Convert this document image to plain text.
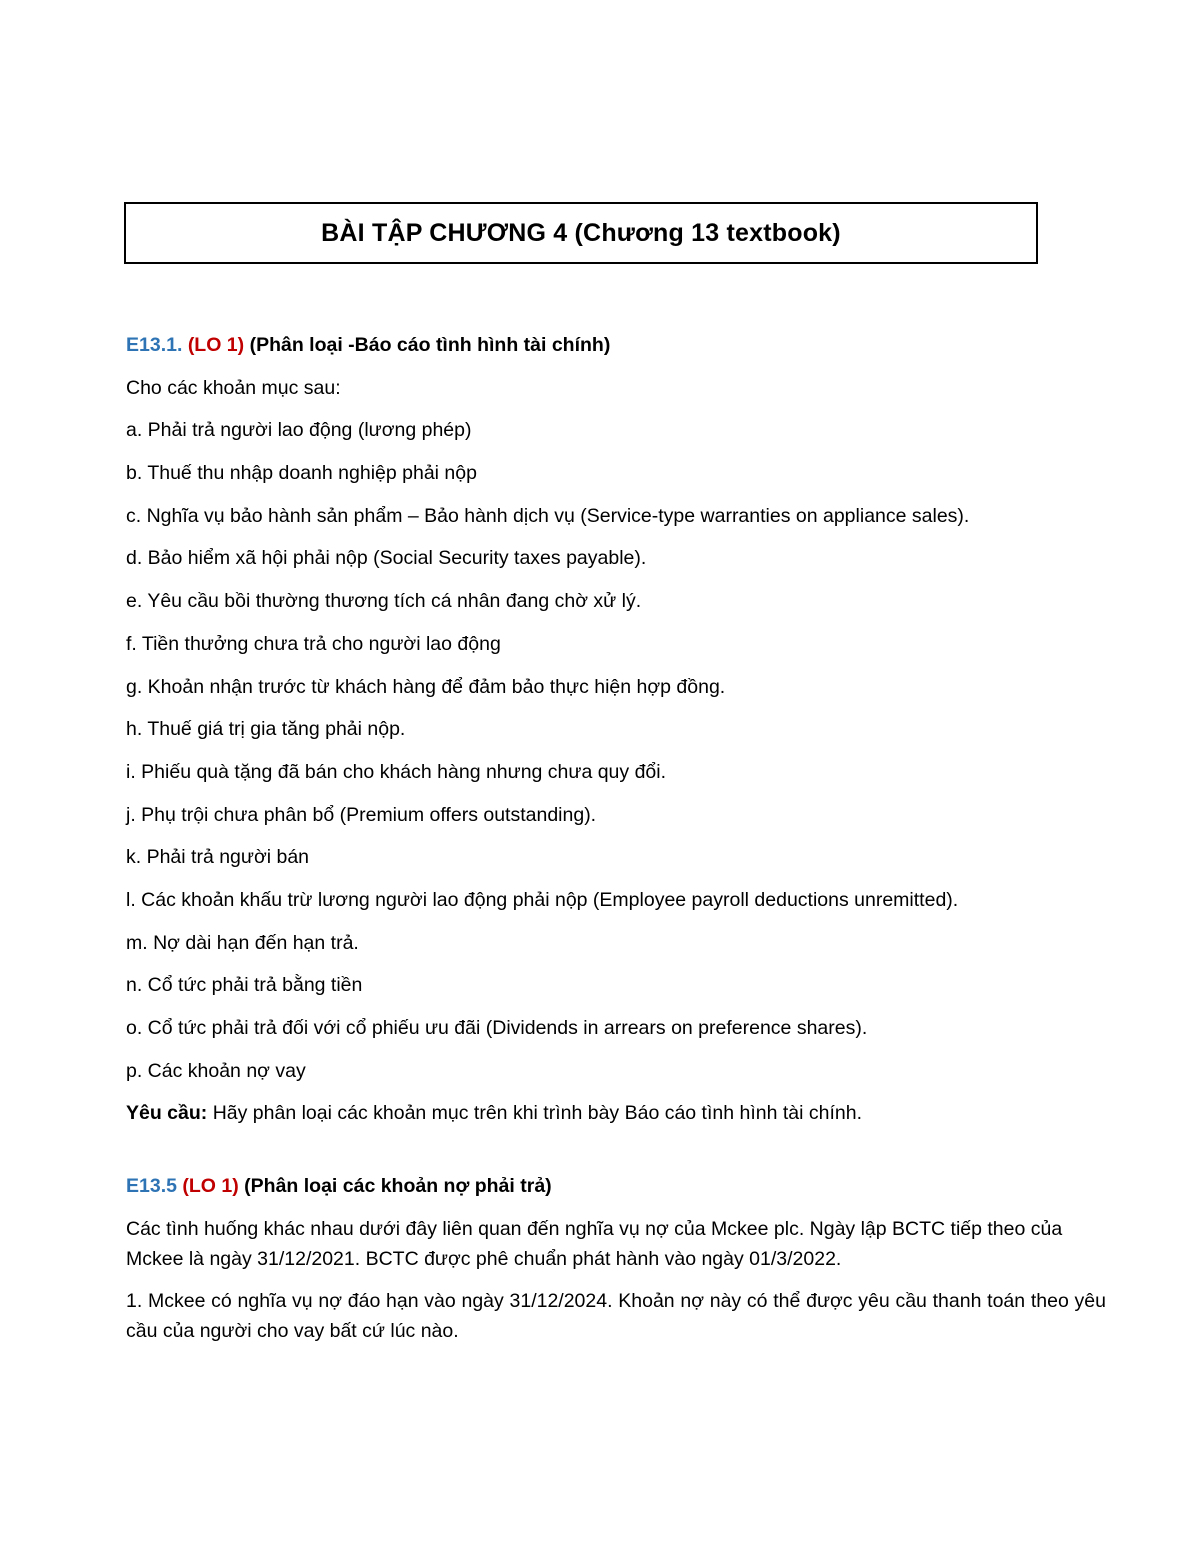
BÀI TẬP CHƯƠNG 4 (Chương 13 textbook)
E13.1. (LO 1) (Phân loại -Báo cáo tình hình tài chính)
Cho các khoản mục sau:
a. Phải trả người lao động (lương phép)
b. Thuế thu nhập doanh nghiệp phải nộp
c. Nghĩa vụ bảo hành sản phẩm – Bảo hành dịch vụ (Service-type warranties on appliance sales).
d. Bảo hiểm xã hội phải nộp (Social Security taxes payable).
e. Yêu cầu bồi thường thương tích cá nhân đang chờ xử lý.
f. Tiền thưởng chưa trả cho người lao động
g. Khoản nhận trước từ khách hàng để đảm bảo thực hiện hợp đồng.
h. Thuế giá trị gia tăng phải nộp.
i. Phiếu quà tặng đã bán cho khách hàng nhưng chưa quy đổi.
j. Phụ trội chưa phân bổ (Premium offers outstanding).
k. Phải trả người bán
l. Các khoản khấu trừ lương người lao động phải nộp (Employee payroll deductions unremitted).
m. Nợ dài hạn đến hạn trả.
n. Cổ tức phải trả bằng tiền
o. Cổ tức phải trả đối với cổ phiếu ưu đãi (Dividends in arrears on preference shares).
p. Các khoản nợ vay
Yêu cầu: Hãy phân loại các khoản mục trên khi trình bày Báo cáo tình hình tài chính.
E13.5 (LO 1) (Phân loại các khoản nợ phải trả)
Các tình huống khác nhau dưới đây liên quan đến nghĩa vụ nợ của Mckee plc. Ngày lập BCTC tiếp theo của Mckee là ngày 31/12/2021. BCTC được phê chuẩn phát hành vào ngày 01/3/2022.
1. Mckee có nghĩa vụ nợ đáo hạn vào ngày 31/12/2024. Khoản nợ này có thể được yêu cầu thanh toán theo yêu cầu của người cho vay bất cứ lúc nào.
